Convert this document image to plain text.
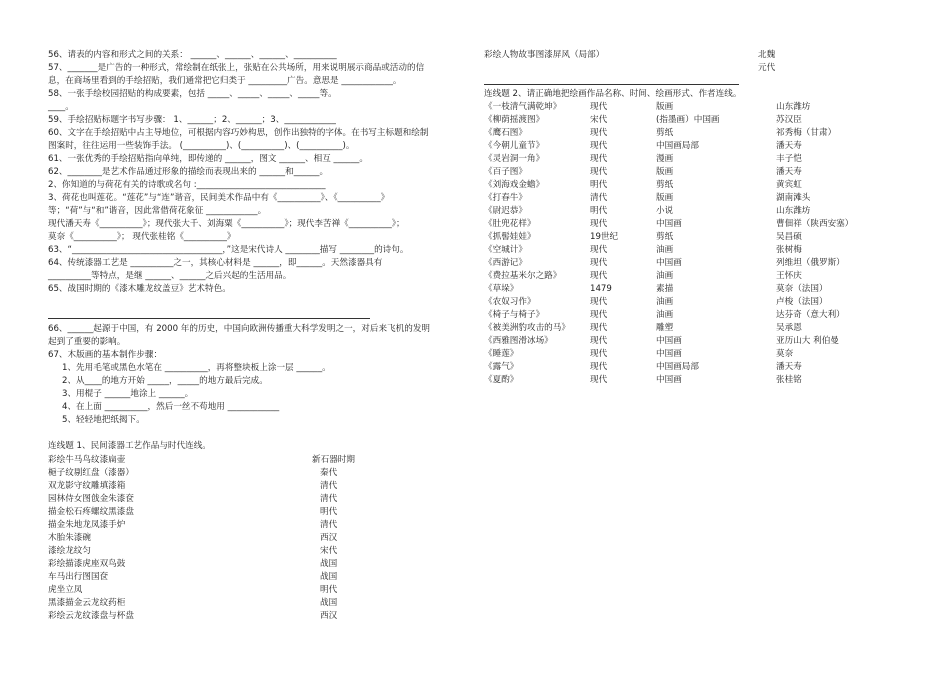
56、请表的内容和形式之间的关系： ______、______、______、__________
57、_______是广告的一种形式，常绘制在纸张上，张贴在公共场所，用来说明展示商品或活动的信
息，在商场里看到的手绘招贴，我们通常把它归类于 _________广告。意思是 ____________。
58、一张手绘校园招贴的构成要素，包括 _____、_____、_____、_____等。
____。
59、手绘招贴标题字书写步骤： 1、______；2、______；3、____________
60、文字在手绘招贴中占主导地位，可根据内容巧妙构思，创作出独特的字体。在书写主标题和绘制
图案时，往往运用一些装饰手法。 (__________)、(__________)、(__________)。
61、一张优秀的手绘招贴指向单纯，即传递的 ______，图文 ______、相互 ______。
62、________是艺术作品通过形象的描绘而表现出来的 ______和______。
2、你知道的与荷花有关的诗歌或名句 :______________________________
3、荷花也叫莲花。“莲花”与“连”谐音，民间美术作品中有《__________》、《__________》
等；“荷”与“和”谐音，因此常借荷花象征 ____________。
现代潘天寿《__________》；现代张大千、刘海粟《__________》；现代李苦禅《__________》；
莫奈《__________》； 现代张桂铭《__________》
63、“___________________________________，”这是宋代诗人 ________描写 ________的诗句。
64、传统漆器工艺是 __________之一，其核心材料是 ______，即______。天然漆器具有
__________等特点，是继 ______、______之后兴起的生活用品。
65、战国时期的《漆木雕龙纹盖豆》艺术特色。
66、______起源于中国，有 2000 年的历史，中国向欧洲传播重大科学发明之一，对后来飞机的发明
起到了重要的影响。
67、木版画的基本制作步骤：
1、先用毛笔或黑色水笔在 __________，再将整块板上涂一层 ______。
2、从____的地方开始 _____，_____的地方最后完成。
3、用棍子 ______地涂上 ______。
4、在上面 __________，然后一丝不苟地用 ____________
5、轻轻地把纸揭下。
连线题 1、民间漆器工艺作品与时代连线。
彩绘牛马鸟纹漆扁壶	新石器时期
梔子纹剔红盘（漆器）	秦代
双龙影守纹雕填漆箱	清代
园林侍女图戗金朱漆奁	清代
描金松石疼螺纹黑漆盘	明代
描金朱地龙凤漆手炉	清代
木胎朱漆碗	西汉
漆绘龙纹匀	宋代
彩绘描漆虎座双鸟鼓	战国
车马出行图国奁	战国
虎坐立凤	明代
黑漆描金云龙纹药柜	战国
彩绘云龙纹漆盘与杯盘	西汉
彩绘人物故事图漆屏风（局部）	北魏
元代
连线题 2、请正确地把绘画作品名称、时间、绘画形式、作者连线。
《一枝清气满乾坤》	现代	版画	山东潍坊
《柳荫摇渡图》	宋代	(指墨画）中国画	苏汉臣
《鹰石图》	现代	剪纸	祁秀梅（甘肃）
《今朝儿童节》	现代	中国画局部	潘天寿
《灵岩洞一角》	现代	漫画	丰子恺
《百子图》	现代	版画	潘天寿
《刘海戏金蟾》	明代	剪纸	黄宾虹
《打春牛》	清代	版画	湖南滩头
《尉迟恭》	明代	小说	山东潍坊
《肚兜花样》	现代	中国画	曹佃祥（陕西安塞）
《抓髻娃娃》	19世纪	剪纸	吴昌硕
《空城计》	现代	油画	张树梅
《西游记》	现代	中国画	列维坦（俄罗斯）
《费拉基米尔之路》	现代	油画	王怀庆
《草垛》	1479	素描	莫奈（法国）
《农奴习作》	现代	油画	卢梭（法国）
《椅子与椅子》	现代	油画	达芬奇（意大利）
《被美洲豹攻击的马》 现代	雕塑	吴承恩
《西雅图滑冰场》	现代	中国画	亚历山大 利伯曼
《睡莲》	现代	中国画	莫奈
《露气》	现代	中国画局部	潘天寿
《夏酌》	现代	中国画	张桂铭
